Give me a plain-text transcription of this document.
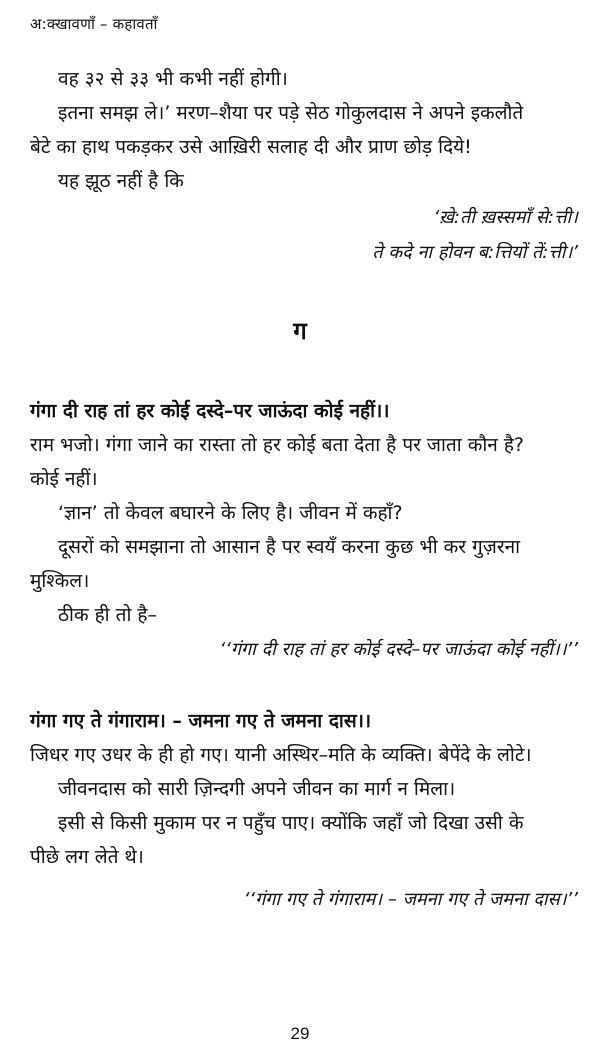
अ:क्खावणाँ – कहावताँ
वह ३२ से ३३ भी कभी नहीं होगी।
इतना समझ ले।’ मरण–शैया पर पड़े सेठ गोकुलदास ने अपने इकलौते
बेटे का हाथ पकड़कर उसे आख़िरी सलाह दी और प्राण छोड़ दिये!
यह झूठ नहीं है कि
‘ख़े:ती ख़स्समाँ से:त्ती।
ते कदे ना होवन ब:त्तियों तें:त्ती।’
ग
गंगा दी राह तां हर कोई दस्दे–पर जाऊंदा कोई नहीं।।
राम भजो। गंगा जाने का रास्ता तो हर कोई बता देता है पर जाता कौन है?
कोई नहीं।
‘ज्ञान’ तो केवल बघारने के लिए है। जीवन में कहाँ?
दूसरों को समझाना तो आसान है पर स्वयँ करना कुछ भी कर गुज़रना
मुश्किल।
ठीक ही तो है–
‘‘गंगा दी राह तां हर कोई दस्दे–पर जाऊंदा कोई नहीं।।’’
गंगा गए ते गंगाराम। – जमना गए ते जमना दास।।
जिधर गए उधर के ही हो गए। यानी अस्थिर–मति के व्यक्ति। बेपेंदे के लोटे।
जीवनदास को सारी ज़िन्दगी अपने जीवन का मार्ग न मिला।
इसी से किसी मुकाम पर न पहुँच पाए। क्योंकि जहाँ जो दिखा उसी के
पीछे लग लेते थे।
‘‘गंगा गए ते गंगाराम। – जमना गए ते जमना दास।’’
29
